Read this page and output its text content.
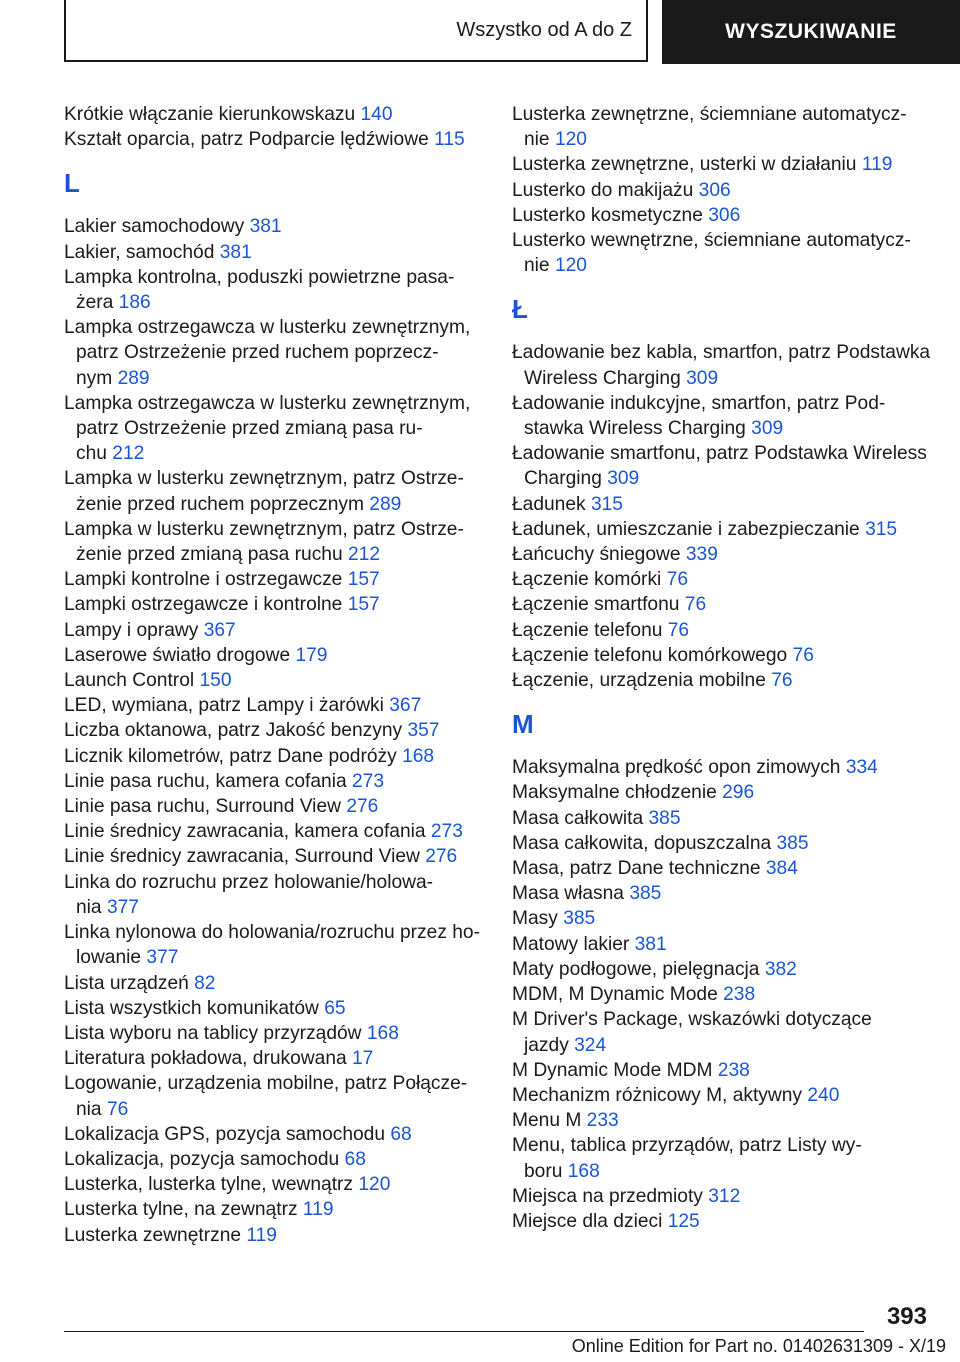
Wszystko od A do Z	WYSZUKIWANIE
Krótkie włączanie kierunkowskazu 140
Kształt oparcia, patrz Podparcie lędźwiowe 115
L
Lakier samochodowy 381
Lakier, samochód 381
Lampka kontrolna, poduszki powietrzne pasa-
żera 186
Lampka ostrzegawcza w lusterku zewnętrznym,
patrz Ostrzeżenie przed ruchem poprzecz-
nym 289
Lampka ostrzegawcza w lusterku zewnętrznym,
patrz Ostrzeżenie przed zmianą pasa ru-
chu 212
Lampka w lusterku zewnętrznym, patrz Ostrze-
żenie przed ruchem poprzecznym 289
Lampka w lusterku zewnętrznym, patrz Ostrze-
żenie przed zmianą pasa ruchu 212
Lampki kontrolne i ostrzegawcze 157
Lampki ostrzegawcze i kontrolne 157
Lampy i oprawy 367
Laserowe światło drogowe 179
Launch Control 150
LED, wymiana, patrz Lampy i żarówki 367
Liczba oktanowa, patrz Jakość benzyny 357
Licznik kilometrów, patrz Dane podróży 168
Linie pasa ruchu, kamera cofania 273
Linie pasa ruchu, Surround View 276
Linie średnicy zawracania, kamera cofania 273
Linie średnicy zawracania, Surround View 276
Linka do rozruchu przez holowanie/holowa-
nia 377
Linka nylonowa do holowania/rozruchu przez ho-
lowanie 377
Lista urządzeń 82
Lista wszystkich komunikatów 65
Lista wyboru na tablicy przyrządów 168
Literatura pokładowa, drukowana 17
Logowanie, urządzenia mobilne, patrz Połącze-
nia 76
Lokalizacja GPS, pozycja samochodu 68
Lokalizacja, pozycja samochodu 68
Lusterka, lusterka tylne, wewnątrz 120
Lusterka tylne, na zewnątrz 119
Lusterka zewnętrzne 119
Lusterka zewnętrzne, ściemniane automatycz-
nie 120
Lusterka zewnętrzne, usterki w działaniu 119
Lusterko do makijażu 306
Lusterko kosmetyczne 306
Lusterko wewnętrzne, ściemniane automatycz-
nie 120
Ł
Ładowanie bez kabla, smartfon, patrz Podstawka
Wireless Charging 309
Ładowanie indukcyjne, smartfon, patrz Pod-
stawka Wireless Charging 309
Ładowanie smartfonu, patrz Podstawka Wireless
Charging 309
Ładunek 315
Ładunek, umieszczanie i zabezpieczanie 315
Łańcuchy śniegowe 339
Łączenie komórki 76
Łączenie smartfonu 76
Łączenie telefonu 76
Łączenie telefonu komórkowego 76
Łączenie, urządzenia mobilne 76
M
Maksymalna prędkość opon zimowych 334
Maksymalne chłodzenie 296
Masa całkowita 385
Masa całkowita, dopuszczalna 385
Masa, patrz Dane techniczne 384
Masa własna 385
Masy 385
Matowy lakier 381
Maty podłogowe, pielęgnacja 382
MDM, M Dynamic Mode 238
M Driver's Package, wskazówki dotyczące
jazdy 324
M Dynamic Mode MDM 238
Mechanizm różnicowy M, aktywny 240
Menu M 233
Menu, tablica przyrządów, patrz Listy wy-
boru 168
Miejsca na przedmioty 312
Miejsce dla dzieci 125
393
Online Edition for Part no. 01402631309 - X/19
